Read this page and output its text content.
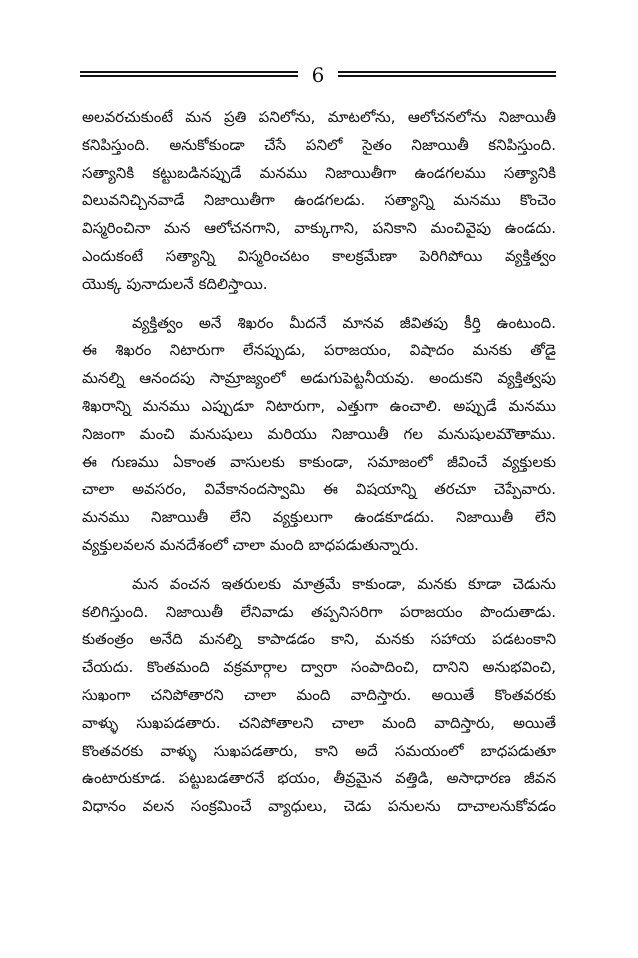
6
అలవరచుకుంటే మన ప్రతి పనిలోను, మాటలోను, ఆలోచనలోను నిజాయితీ
కనిపిస్తుంది. అనుకోకుండా చేసే పనిలో సైతం నిజాయితీ కనిపిస్తుంది.
సత్యానికి కట్టుబడినప్పుడే మనము నిజాయితీగా ఉండగలము సత్యానికి
విలువనిచ్చినవాడే నిజాయితీగా ఉండగలడు. సత్యాన్ని మనము కొంచెం
విస్మరించినా మన ఆలోచనగాని, వాక్కుగాని, పనికాని మంచివైపు ఉండదు.
ఎందుకంటే సత్యాన్ని విస్మరించటం కాలక్రమేణా పెరిగిపోయి వ్యక్తిత్వం
యొక్క పునాదులనే కదిలిస్తాయి.
వ్యక్తిత్వం అనే శిఖరం మీదనే మానవ జీవితపు కీర్తి ఉంటుంది.
ఈ శిఖరం నిటారుగా లేనప్పుడు, పరాజయం, విషాదం మనకు తోడై
మనల్ని ఆనందపు సామ్రాజ్యంలో అడుగుపెట్టనీయవు. అందుకని వ్యక్తిత్వపు
శిఖరాన్ని మనము ఎప్పుడూ నిటారుగా, ఎత్తుగా ఉంచాలి. అప్పుడే మనము
నిజంగా మంచి మనుషులు మరియు నిజాయితీ గల మనుషులమౌతాము.
ఈ గుణము ఏకాంత వాసులకు కాకుండా, సమాజంలో జీవించే వ్యక్తులకు
చాలా అవసరం, వివేకానందస్వామి ఈ విషయాన్ని తరచూ చెప్పేవారు.
మనము నిజాయితీ లేని వ్యక్తులుగా ఉండకూడదు. నిజాయితీ లేని
వ్యక్తులవలన మనదేశంలో చాలా మంది బాధపడుతున్నారు.
మన వంచన ఇతరులకు మాత్రమే కాకుండా, మనకు కూడా చెడును
కలిగిస్తుంది. నిజాయితీ లేనివాడు తప్పనిసరిగా పరాజయం పొందుతాడు.
కుతంత్రం అనేది మనల్ని కాపాడడం కాని, మనకు సహాయ పడటంకాని
చేయదు. కొంతమంది వక్రమార్గాల ద్వారా సంపాదించి, దానిని అనుభవించి,
సుఖంగా చనిపోతారని చాలా మంది వాదిస్తారు. అయితే కొంతవరకు
వాళ్ళు సుఖపడతారు. చనిపోతాలని చాలా మంది వాదిస్తారు, అయితే
కొంతవరకు వాళ్ళు సుఖపడతారు, కాని అదే సమయంలో బాధపడుతూ
ఉంటారుకూడ. పట్టుబడతారనే భయం, తీవ్రమైన వత్తిడి, అసాధారణ జీవన
విధానం వలన సంక్రమించే వ్యాధులు, చెడు పనులను దాచాలనుకోవడం
